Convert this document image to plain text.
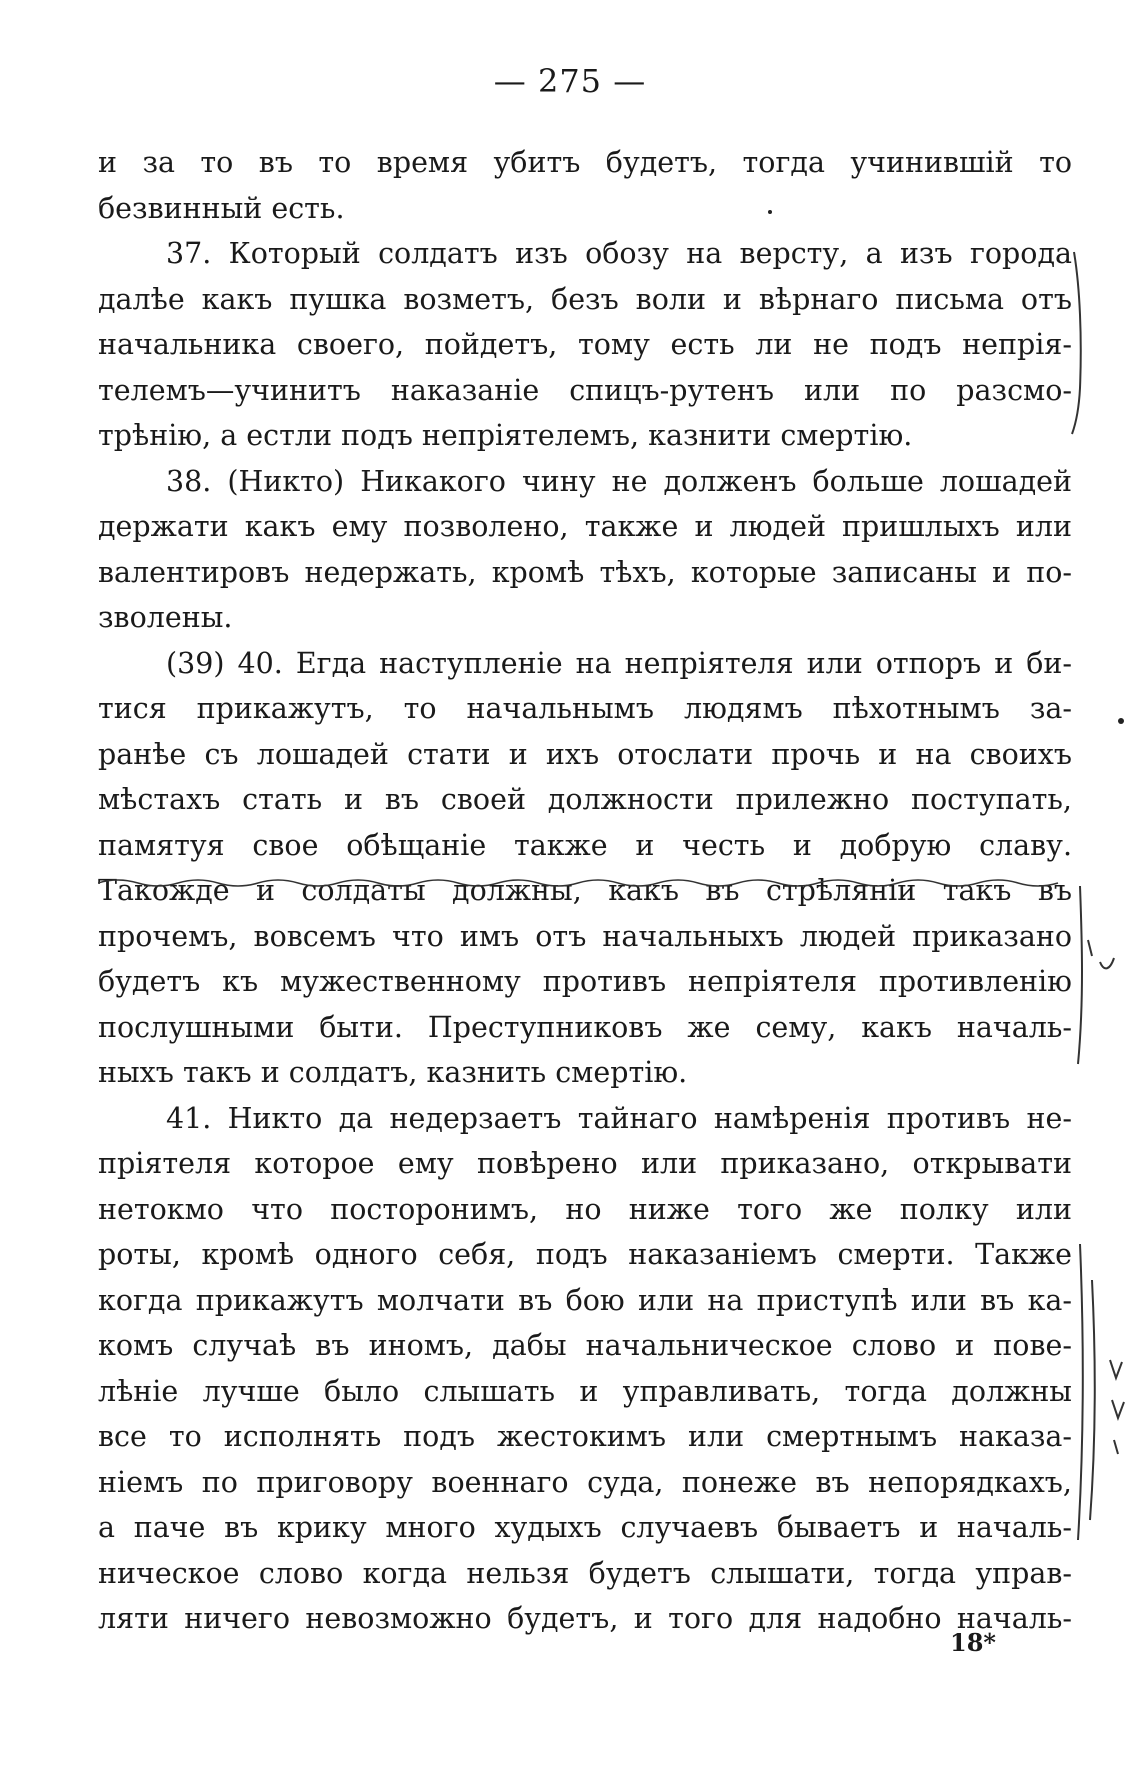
— 275 —
и за то въ то время убитъ будетъ, тогда учинившій то
безвинный есть.
37. Который солдатъ изъ обозу на версту, а изъ города
далѣе какъ пушка возметъ, безъ воли и вѣрнаго письма отъ
начальника своего, пойдетъ, тому есть ли не подъ непрія-
телемъ—учинитъ наказаніе спицъ-рутенъ или по разсмо-
трѣнію, а естли подъ непріятелемъ, казнити смертію.
38. (Никто) Никакого чину не долженъ больше лошадей
держати какъ ему позволено, также и людей пришлыхъ или
валентировъ недержать, кромѣ тѣхъ, которые записаны и по-
зволены.
(39) 40. Егда наступленіе на непріятеля или отпоръ и би-
тися прикажутъ, то начальнымъ людямъ пѣхотнымъ за-
ранѣе съ лошадей стати и ихъ отослати прочь и на своихъ
мѣстахъ стать и въ своей должности прилежно поступать,
памятуя свое обѣщаніе также и честь и добрую славу.
Такожде и солдаты должны, какъ въ стрѣляніи такъ въ
прочемъ, вовсемъ что имъ отъ начальныхъ людей приказано
будетъ къ мужественному противъ непріятеля противленію
послушными быти. Преступниковъ же сему, какъ началь-
ныхъ такъ и солдатъ, казнить смертію.
41. Никто да недерзаетъ тайнаго намѣренія противъ не-
пріятеля которое ему повѣрено или приказано, открывати
нетокмо что посторонимъ, но ниже того же полку или
роты, кромѣ одного себя, подъ наказаніемъ смерти. Также
когда прикажутъ молчати въ бою или на приступѣ или въ ка-
комъ случаѣ въ иномъ, дабы начальническое слово и пове-
лѣніе лучше было слышать и управливать, тогда должны
все то исполнять подъ жестокимъ или смертнымъ наказа-
ніемъ по приговору военнаго суда, понеже въ непорядкахъ,
а паче въ крику много худыхъ случаевъ бываетъ и началь-
ническое слово когда нельзя будетъ слышати, тогда управ-
ляти ничего невозможно будетъ, и того для надобно началь-
18*
